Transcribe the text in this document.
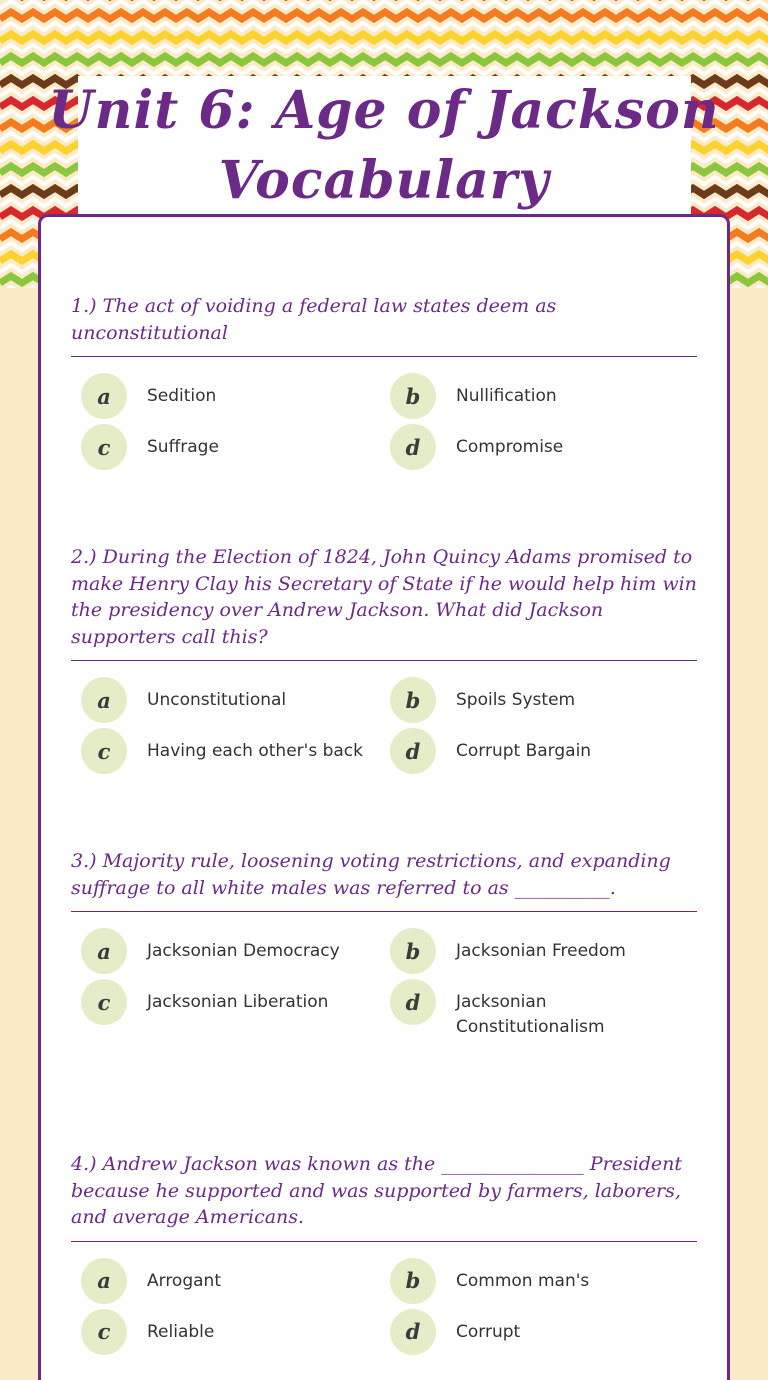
Unit 6: Age of Jackson
Vocabulary
1.) The act of voiding a federal law states deem as unconstitutional
a	Sedition	b	Nullification
c	Suffrage	d	Compromise
2.) During the Election of 1824, John Quincy Adams promised to make Henry Clay his Secretary of State if he would help him win the presidency over Andrew Jackson. What did Jackson supporters call this?
a	Unconstitutional	b	Spoils System
c	Having each other's back	d	Corrupt Bargain
3.) Majority rule, loosening voting restrictions, and expanding suffrage to all white males was referred to as __________.
a	Jacksonian Democracy	b	Jacksonian Freedom
c	Jacksonian Liberation	d	Jacksonian Constitutionalism
4.) Andrew Jackson was known as the _______________ President because he supported and was supported by farmers, laborers, and average Americans.
a	Arrogant	b	Common man's
c	Reliable	d	Corrupt
